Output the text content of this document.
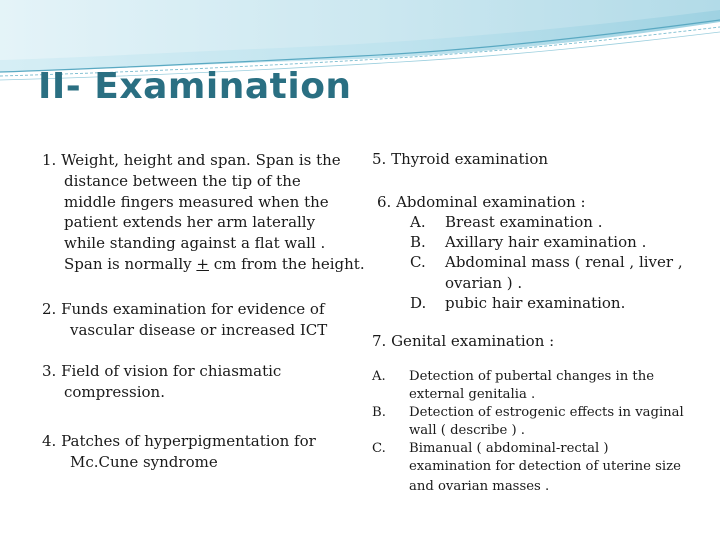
II- Examination
1. Weight, height and span. Span is the
distance between the tip of the
middle fingers measured when the
patient extends her arm laterally
while standing against a flat wall .
Span is normally + cm from the height.
2. Funds examination for evidence of
vascular disease or increased ICT
3. Field of vision for chiasmatic
compression.
4. Patches of hyperpigmentation for
Mc.Cune syndrome
5. Thyroid examination
6. Abdominal examination :
A. Breast examination .
B. Axillary hair examination .
C. Abdominal mass ( renal , liver ,
ovarian ) .
D. pubic hair examination.
7. Genital examination :
A. Detection of pubertal changes in the
external genitalia .
B. Detection of estrogenic effects in vaginal
wall ( describe ) .
C. Bimanual ( abdominal-rectal )
examination for detection of uterine size
and ovarian masses .
